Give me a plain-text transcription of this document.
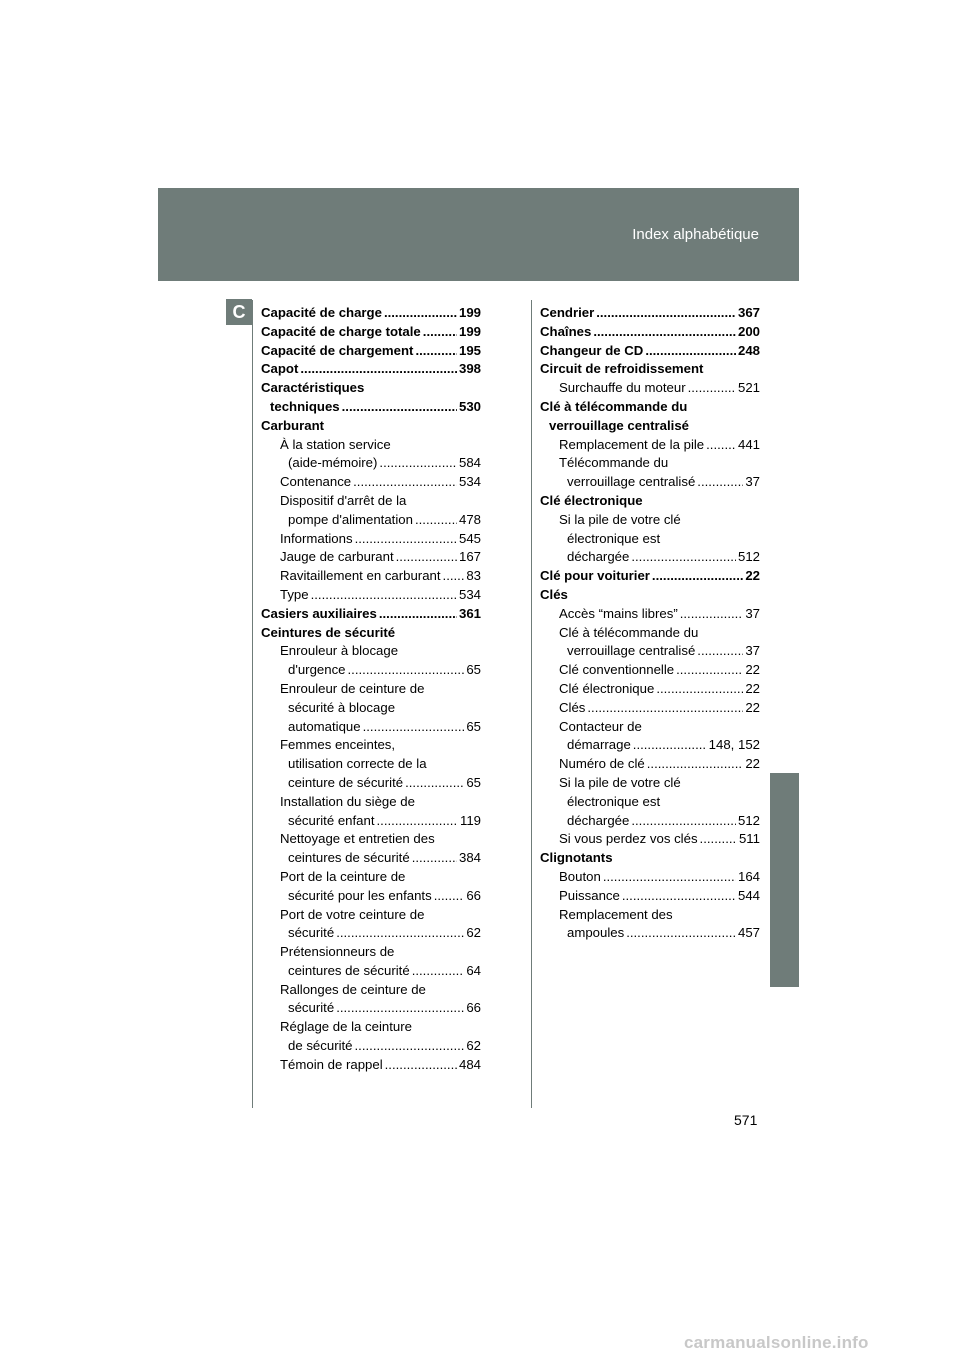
Index alphabétique
C	Capacité de charge .....	199
Capacité de charge totale .....	199
Capacité de chargement .....	195
Capot .....	398
Caractéristiques
techniques .....	530
Carburant
À la station service
(aide-mémoire) .....	584
Contenance .....	534
Dispositif d'arrêt de la
pompe d'alimentation .....	478
Informations .....	545
Jauge de carburant .....	167
Ravitaillement en carburant ..... 83
Type .....	534
Casiers auxiliaires .....	361
Ceintures de sécurité
Enrouleur à blocage
d'urgence .....	65
Enrouleur de ceinture de
sécurité à blocage
automatique .....	65
Femmes enceintes,
utilisation correcte de la
ceinture de sécurité .....	65
Installation du siège de
sécurité enfant .....	119
Nettoyage et entretien des
ceintures de sécurité .....	384
Port de la ceinture de
sécurité pour les enfants .....	66
Port de votre ceinture de
sécurité .....	62
Prétensionneurs de
ceintures de sécurité .....	64
Rallonges de ceinture de
sécurité .....	66
Réglage de la ceinture
de sécurité .....	62
Témoin de rappel .....	484
Cendrier .....	367
Chaînes .....	200
Changeur de CD .....	248
Circuit de refroidissement
Surchauffe du moteur .....	521
Clé à télécommande du
verrouillage centralisé
Remplacement de la pile .....	441
Télécommande du
verrouillage centralisé .....	37
Clé électronique
Si la pile de votre clé
électronique est
déchargée .....	512
Clé pour voiturier .....	22
Clés
Accès “mains libres” .....	37
Clé à télécommande du
verrouillage centralisé .....	37
Clé conventionnelle .....	22
Clé électronique .....	22
Clés .....	22
Contacteur de
démarrage .....	148, 152
Numéro de clé .....	22
Si la pile de votre clé
électronique est
déchargée .....	512
Si vous perdez vos clés .....	511
Clignotants
Bouton .....	164
Puissance .....	544
Remplacement des
ampoules .....	457
571
carmanualsonline.info
